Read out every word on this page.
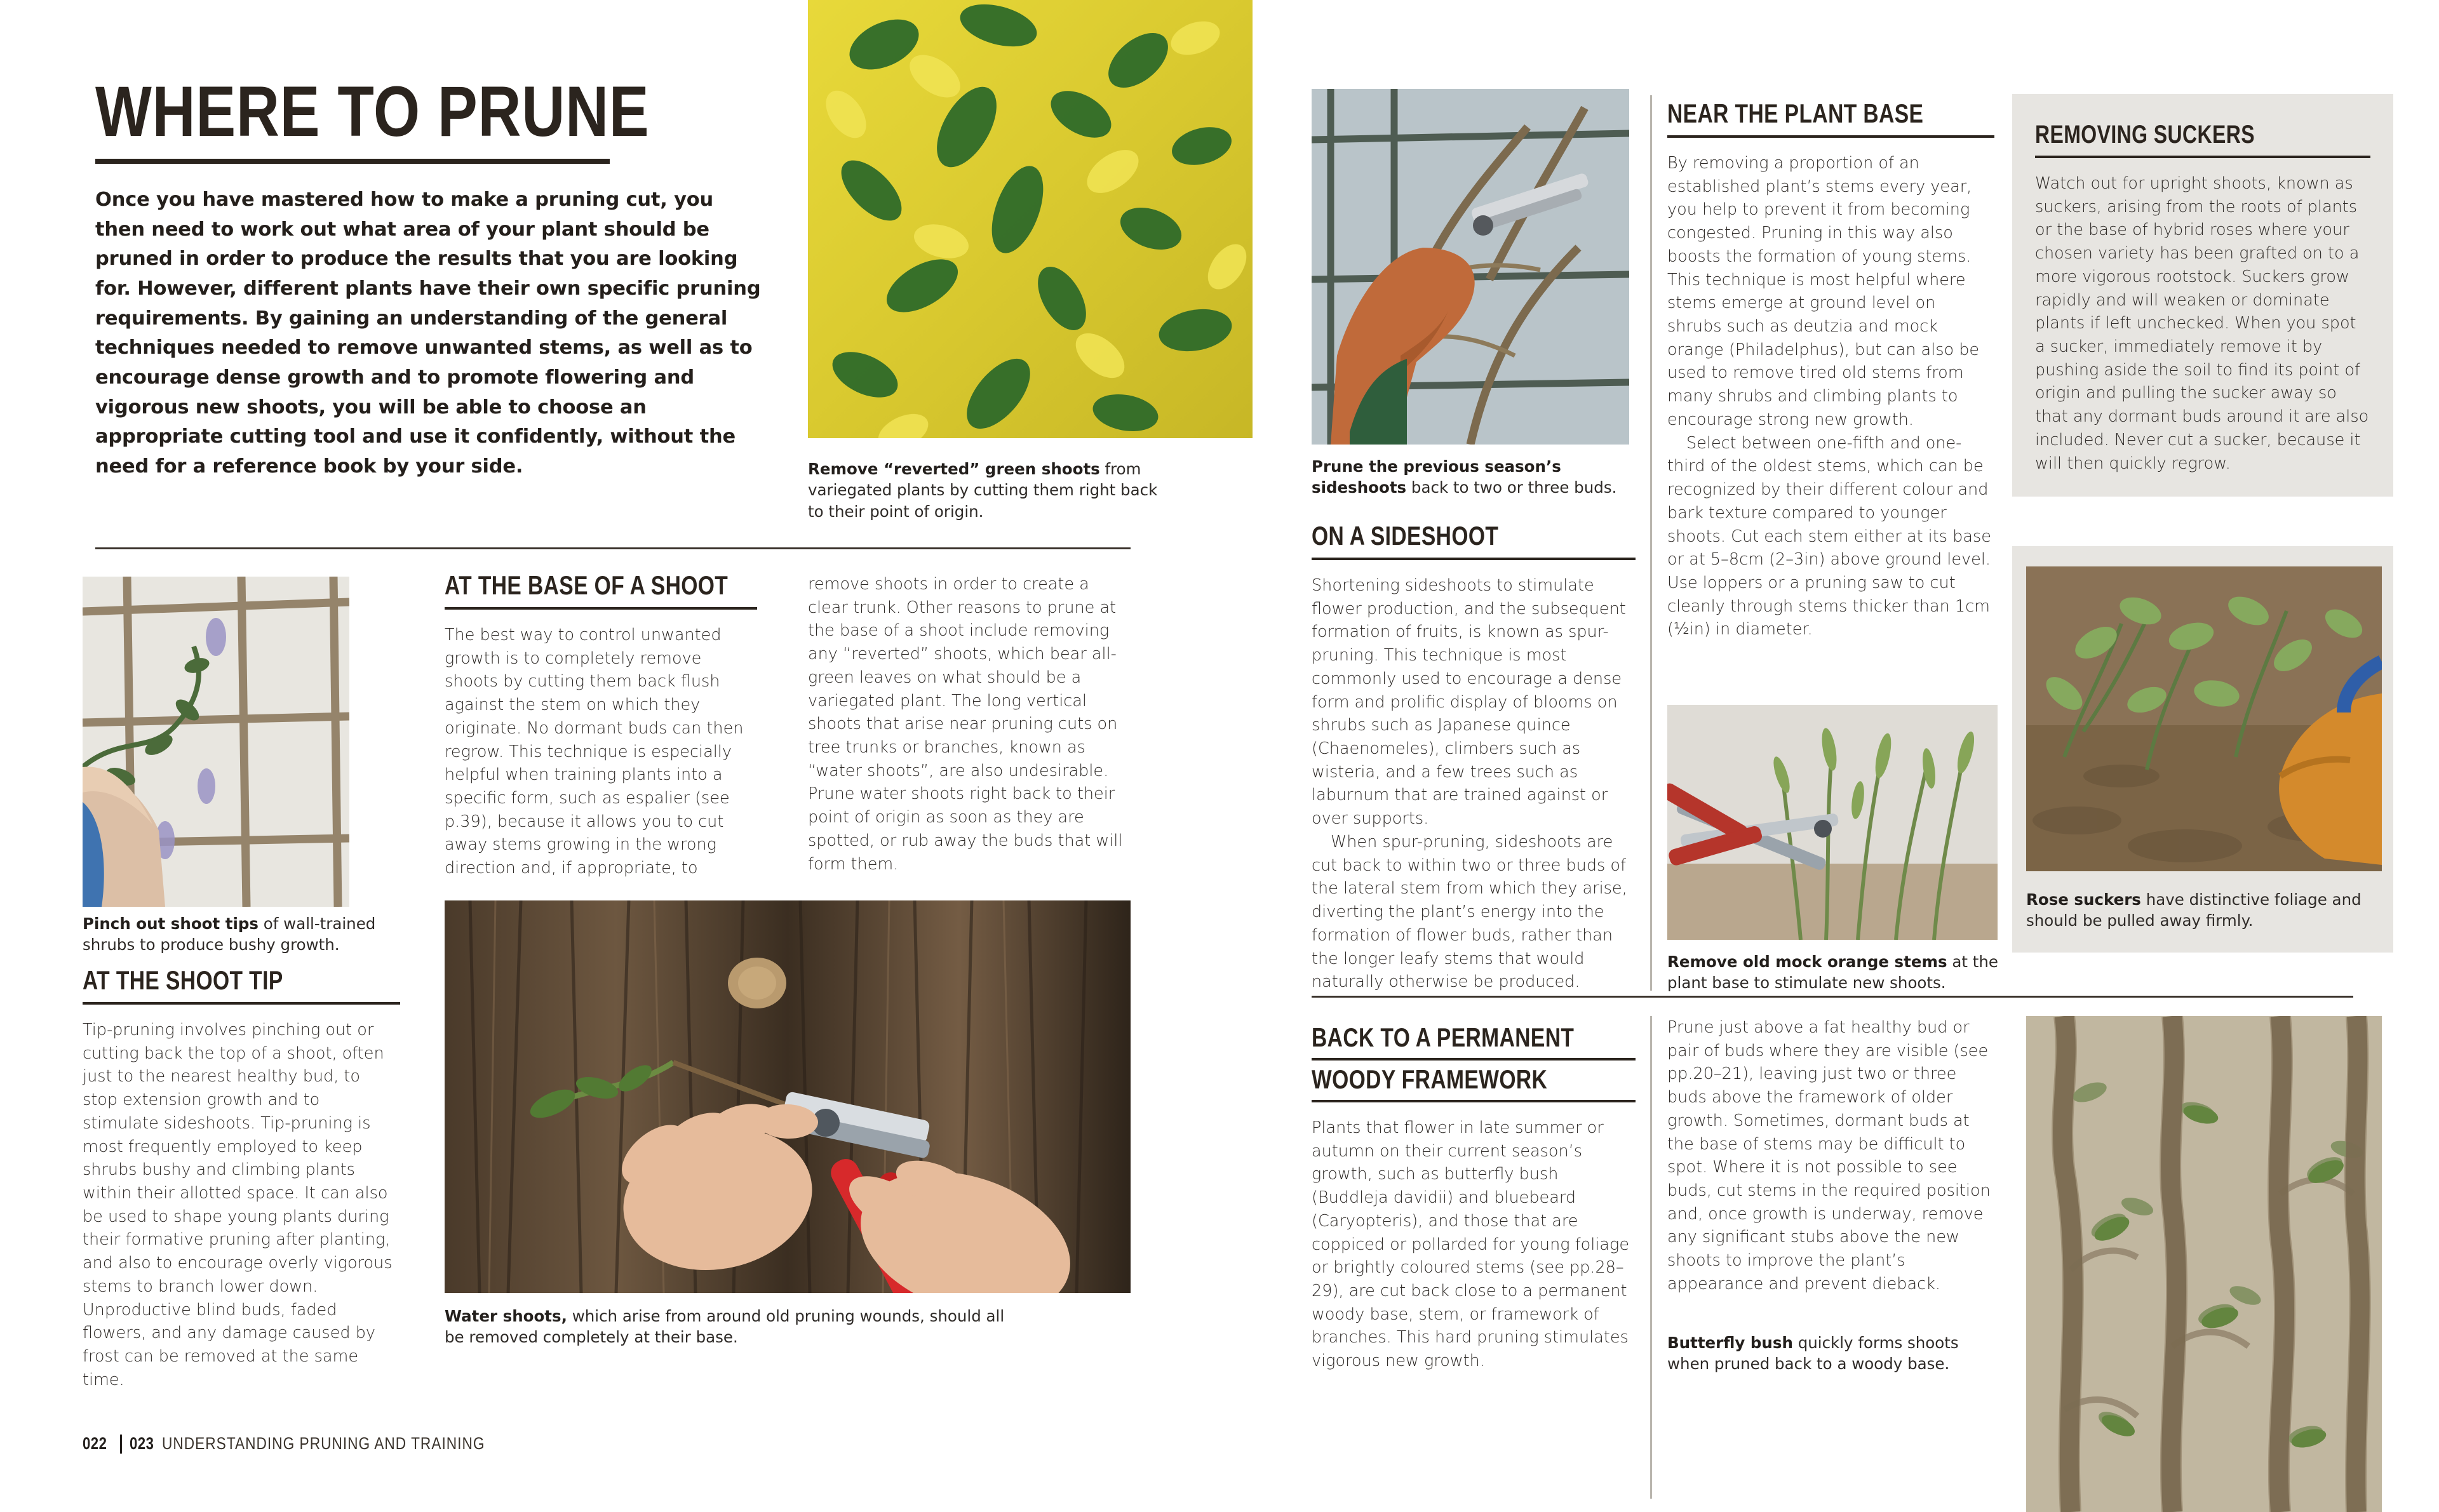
WHERE TO PRUNE
Once you have mastered how to make a pruning cut, you then need to work out what area of your plant should be pruned in order to produce the results that you are looking for. However, different plants have their own specific pruning requirements. By gaining an understanding of the general techniques needed to remove unwanted stems, as well as to encourage dense growth and to promote flowering and vigorous new shoots, you will be able to choose an appropriate cutting tool and use it confidently, without the need for a reference book by your side.	Remove “reverted” green shoots from variegated plants by cutting them right back to their point of origin.
Pinch out shoot tips of wall-trained shrubs to produce bushy growth.
AT THE BASE OF A SHOOT
The best way to control unwanted growth is to completely remove shoots by cutting them back flush against the stem on which they originate. No dormant buds can then regrow. This technique is especially helpful when training plants into a specific form, such as espalier (see p.39), because it allows you to cut away stems growing in the wrong direction and, if appropriate, to
remove shoots in order to create a clear trunk. Other reasons to prune at the base of a shoot include removing any “reverted” shoots, which bear all-green leaves on what should be a variegated plant. The long vertical shoots that arise near pruning cuts on tree trunks or branches, known as “water shoots”, are also undesirable. Prune water shoots right back to their point of origin as soon as they are spotted, or rub away the buds that will form them.
AT THE SHOOT TIP
Tip-pruning involves pinching out or cutting back the top of a shoot, often just to the nearest healthy bud, to stop extension growth and to stimulate sideshoots. Tip-pruning is most frequently employed to keep shrubs bushy and climbing plants within their allotted space. It can also be used to shape young plants during their formative pruning after planting, and also to encourage overly vigorous stems to branch lower down. Unproductive blind buds, faded flowers, and any damage caused by frost can be removed at the same time.
Water shoots, which arise from around old pruning wounds, should all be removed completely at their base.
022 023 UNDERSTANDING PRUNING AND TRAINING
Prune the previous season’s sideshoots back to two or three buds.
ON A SIDESHOOT
Shortening sideshoots to stimulate flower production, and the subsequent formation of fruits, is known as spur-pruning. This technique is most commonly used to encourage a dense form and prolific display of blooms on shrubs such as Japanese quince (Chaenomeles), climbers such as wisteria, and a few trees such as laburnum that are trained against or over supports.
When spur-pruning, sideshoots are cut back to within two or three buds of the lateral stem from which they arise, diverting the plant’s energy into the formation of flower buds, rather than the longer leafy stems that would naturally otherwise be produced.
NEAR THE PLANT BASE
By removing a proportion of an established plant’s stems every year, you help to prevent it from becoming congested. Pruning in this way also boosts the formation of young stems. This technique is most helpful where stems emerge at ground level on shrubs such as deutzia and mock orange (Philadelphus), but can also be used to remove tired old stems from many shrubs and climbing plants to encourage strong new growth.
Select between one-fifth and one-third of the oldest stems, which can be recognized by their different colour and bark texture compared to younger shoots. Cut each stem either at its base or at 5–8cm (2–3in) above ground level. Use loppers or a pruning saw to cut cleanly through stems thicker than 1cm (½in) in diameter.
Remove old mock orange stems at the plant base to stimulate new shoots.
REMOVING SUCKERS
Watch out for upright shoots, known as suckers, arising from the roots of plants or the base of hybrid roses where your chosen variety has been grafted on to a more vigorous rootstock. Suckers grow rapidly and will weaken or dominate plants if left unchecked. When you spot a sucker, immediately remove it by pushing aside the soil to find its point of origin and pulling the sucker away so that any dormant buds around it are also included. Never cut a sucker, because it will then quickly regrow.
Rose suckers have distinctive foliage and should be pulled away firmly.
BACK TO A PERMANENT
WOODY FRAMEWORK
Plants that flower in late summer or autumn on their current season’s growth, such as butterfly bush (Buddleja davidii) and bluebeard (Caryopteris), and those that are coppiced or pollarded for young foliage or brightly coloured stems (see pp.28–29), are cut back close to a permanent woody base, stem, or framework of branches. This hard pruning stimulates vigorous new growth.
Prune just above a fat healthy bud or pair of buds where they are visible (see pp.20–21), leaving just two or three buds above the framework of older growth. Sometimes, dormant buds at the base of stems may be difficult to spot. Where it is not possible to see buds, cut stems in the required position and, once growth is underway, remove any significant stubs above the new shoots to improve the plant’s appearance and prevent dieback.
Butterfly bush quickly forms shoots when pruned back to a woody base.
